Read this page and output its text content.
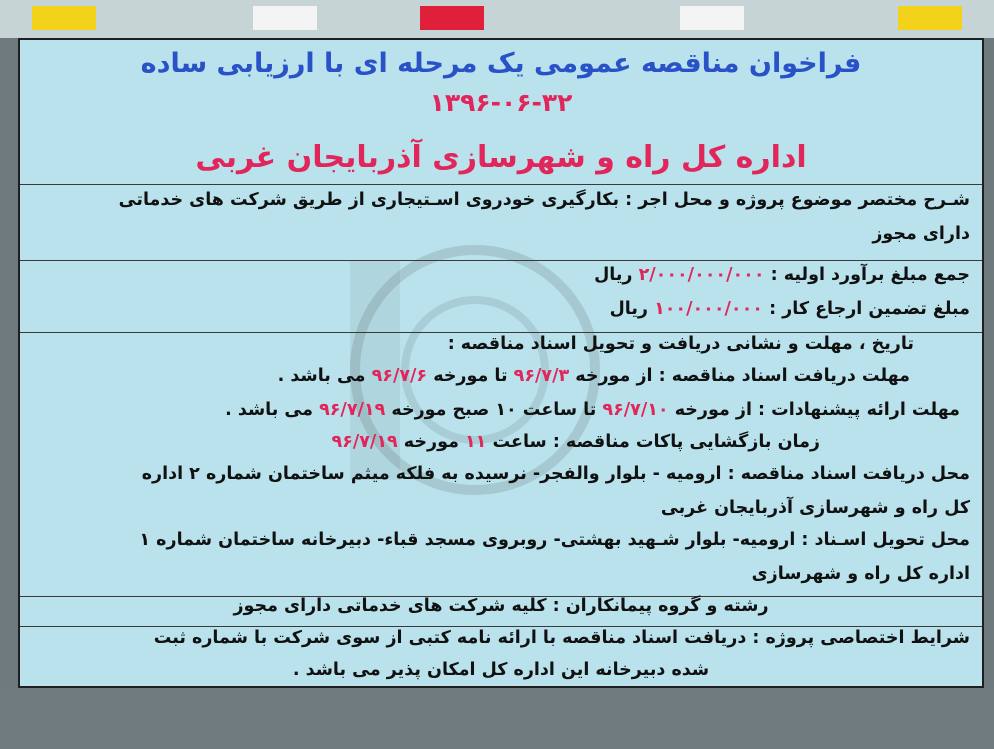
فراخوان مناقصه عمومی یک مرحله ای با ارزیابی ساده
۱۳۹۶-۰۶-۳۲
اداره کل راه و شهرسازی آذربایجان غربی
شـرح مختصر موضوع پروژه و محل اجر : بکارگیری خودروی اسـتیجاری از طریق شرکت های خدماتی
دارای مجوز
جمع مبلغ برآورد اولیه : ۲/۰۰۰/۰۰۰/۰۰۰ ریال
مبلغ تضمین ارجاع کار : ۱۰۰/۰۰۰/۰۰۰ ریال
تاریخ ، مهلت و نشانی دریافت و تحویل اسناد مناقصه :
مهلت دریافت اسناد مناقصه : از مورخه ۹۶/۷/۳ تا مورخه ۹۶/۷/۶ می باشد .
مهلت ارائه پیشنهادات : از مورخه ۹۶/۷/۱۰ تا ساعت ۱۰ صبح مورخه ۹۶/۷/۱۹ می باشد .
زمان بازگشایی پاکات مناقصه : ساعت ۱۱ مورخه ۹۶/۷/۱۹
محل دریافت اسناد مناقصه : ارومیه - بلوار والفجر- نرسیده به فلکه میثم ساختمان شماره ۲ اداره
کل راه و شهرسازی آذربایجان غربی
محل تحویل اسـناد : ارومیه- بلوار شـهید بهشتی- روبروی مسجد قباء- دبیرخانه ساختمان شماره ۱
اداره کل راه و شهرسازی
رشته و گروه پیمانکاران : کلیه شرکت های خدماتی دارای مجوز
شرایط اختصاصی پروژه : دریافت اسناد مناقصه با ارائه نامه کتبی از سوی شرکت با شماره ثبت
شده دبیرخانه این اداره کل امکان پذیر می باشد .
